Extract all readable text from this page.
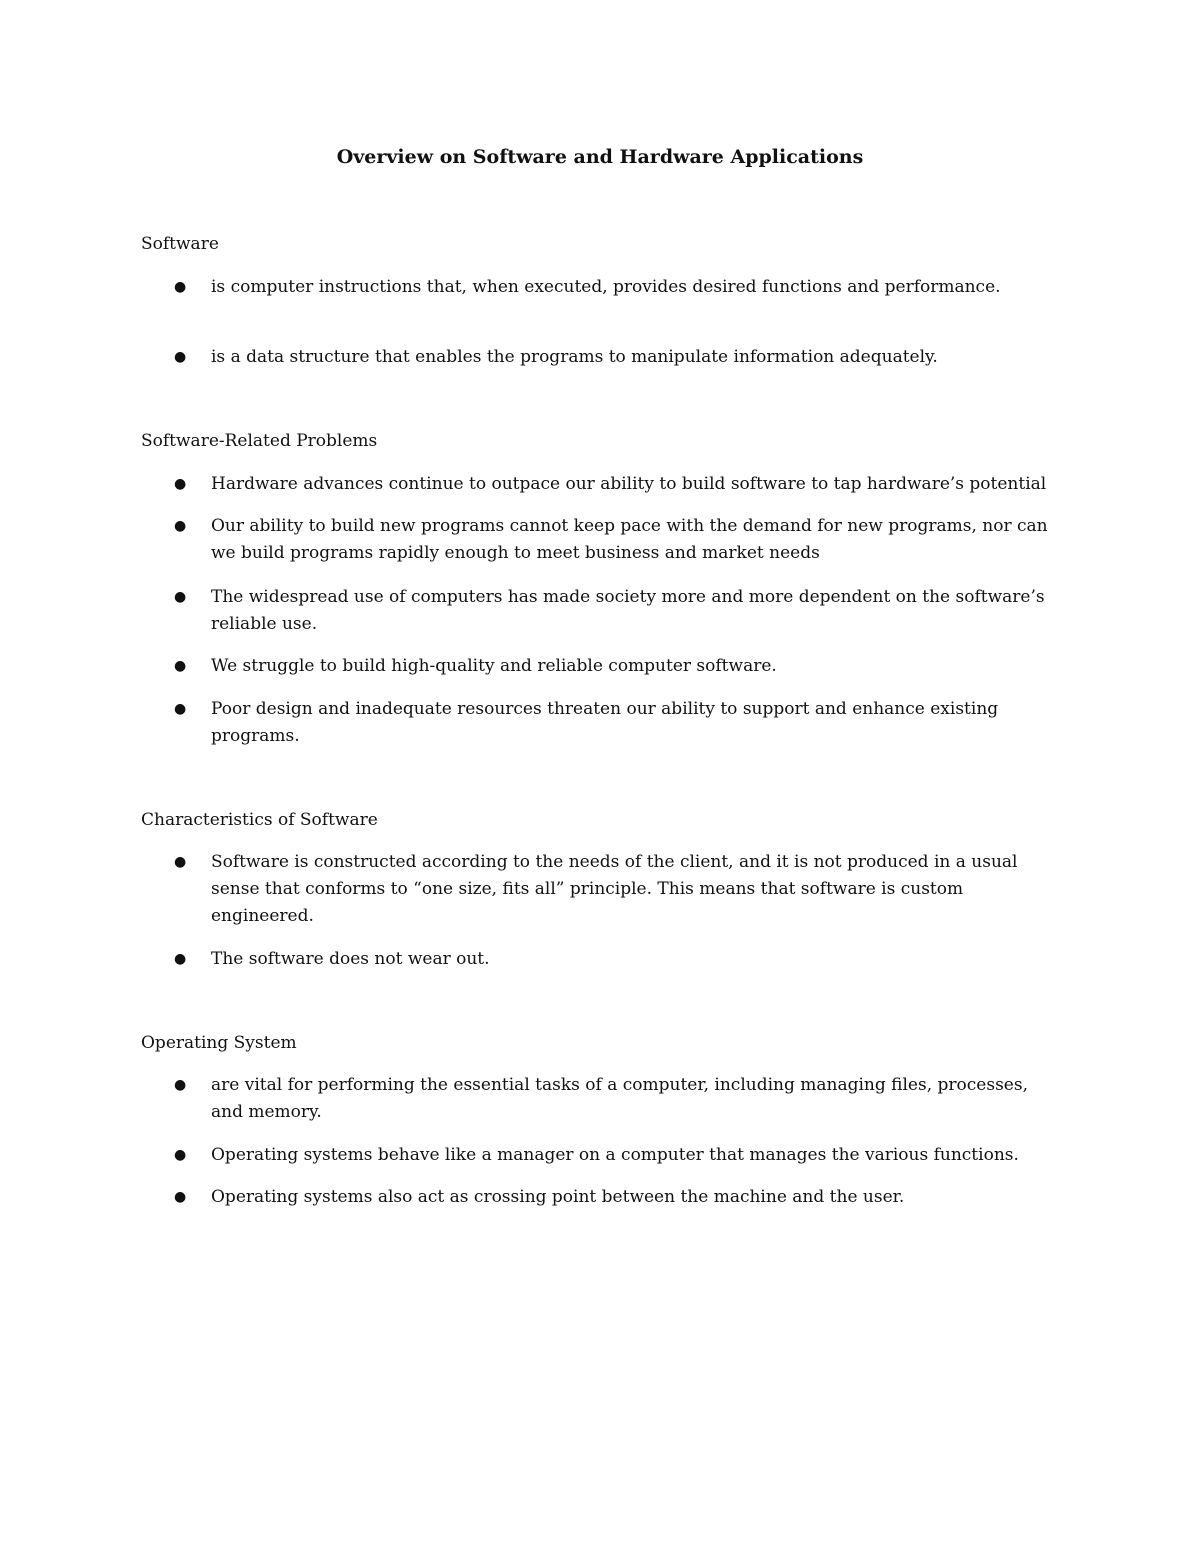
Overview on Software and Hardware Applications
Software
● is computer instructions that, when executed, provides desired functions and performance.
● is a data structure that enables the programs to manipulate information adequately.
Software-Related Problems
● Hardware advances continue to outpace our ability to build software to tap hardware’s potential
● Our ability to build new programs cannot keep pace with the demand for new programs, nor can we build programs rapidly enough to meet business and market needs
● The widespread use of computers has made society more and more dependent on the software’s reliable use.
● We struggle to build high-quality and reliable computer software.
● Poor design and inadequate resources threaten our ability to support and enhance existing programs.
Characteristics of Software
● Software is constructed according to the needs of the client, and it is not produced in a usual sense that conforms to “one size, fits all” principle. This means that software is custom engineered.
● The software does not wear out.
Operating System
● are vital for performing the essential tasks of a computer, including managing files, processes, and memory.
● Operating systems behave like a manager on a computer that manages the various functions.
● Operating systems also act as crossing point between the machine and the user.
